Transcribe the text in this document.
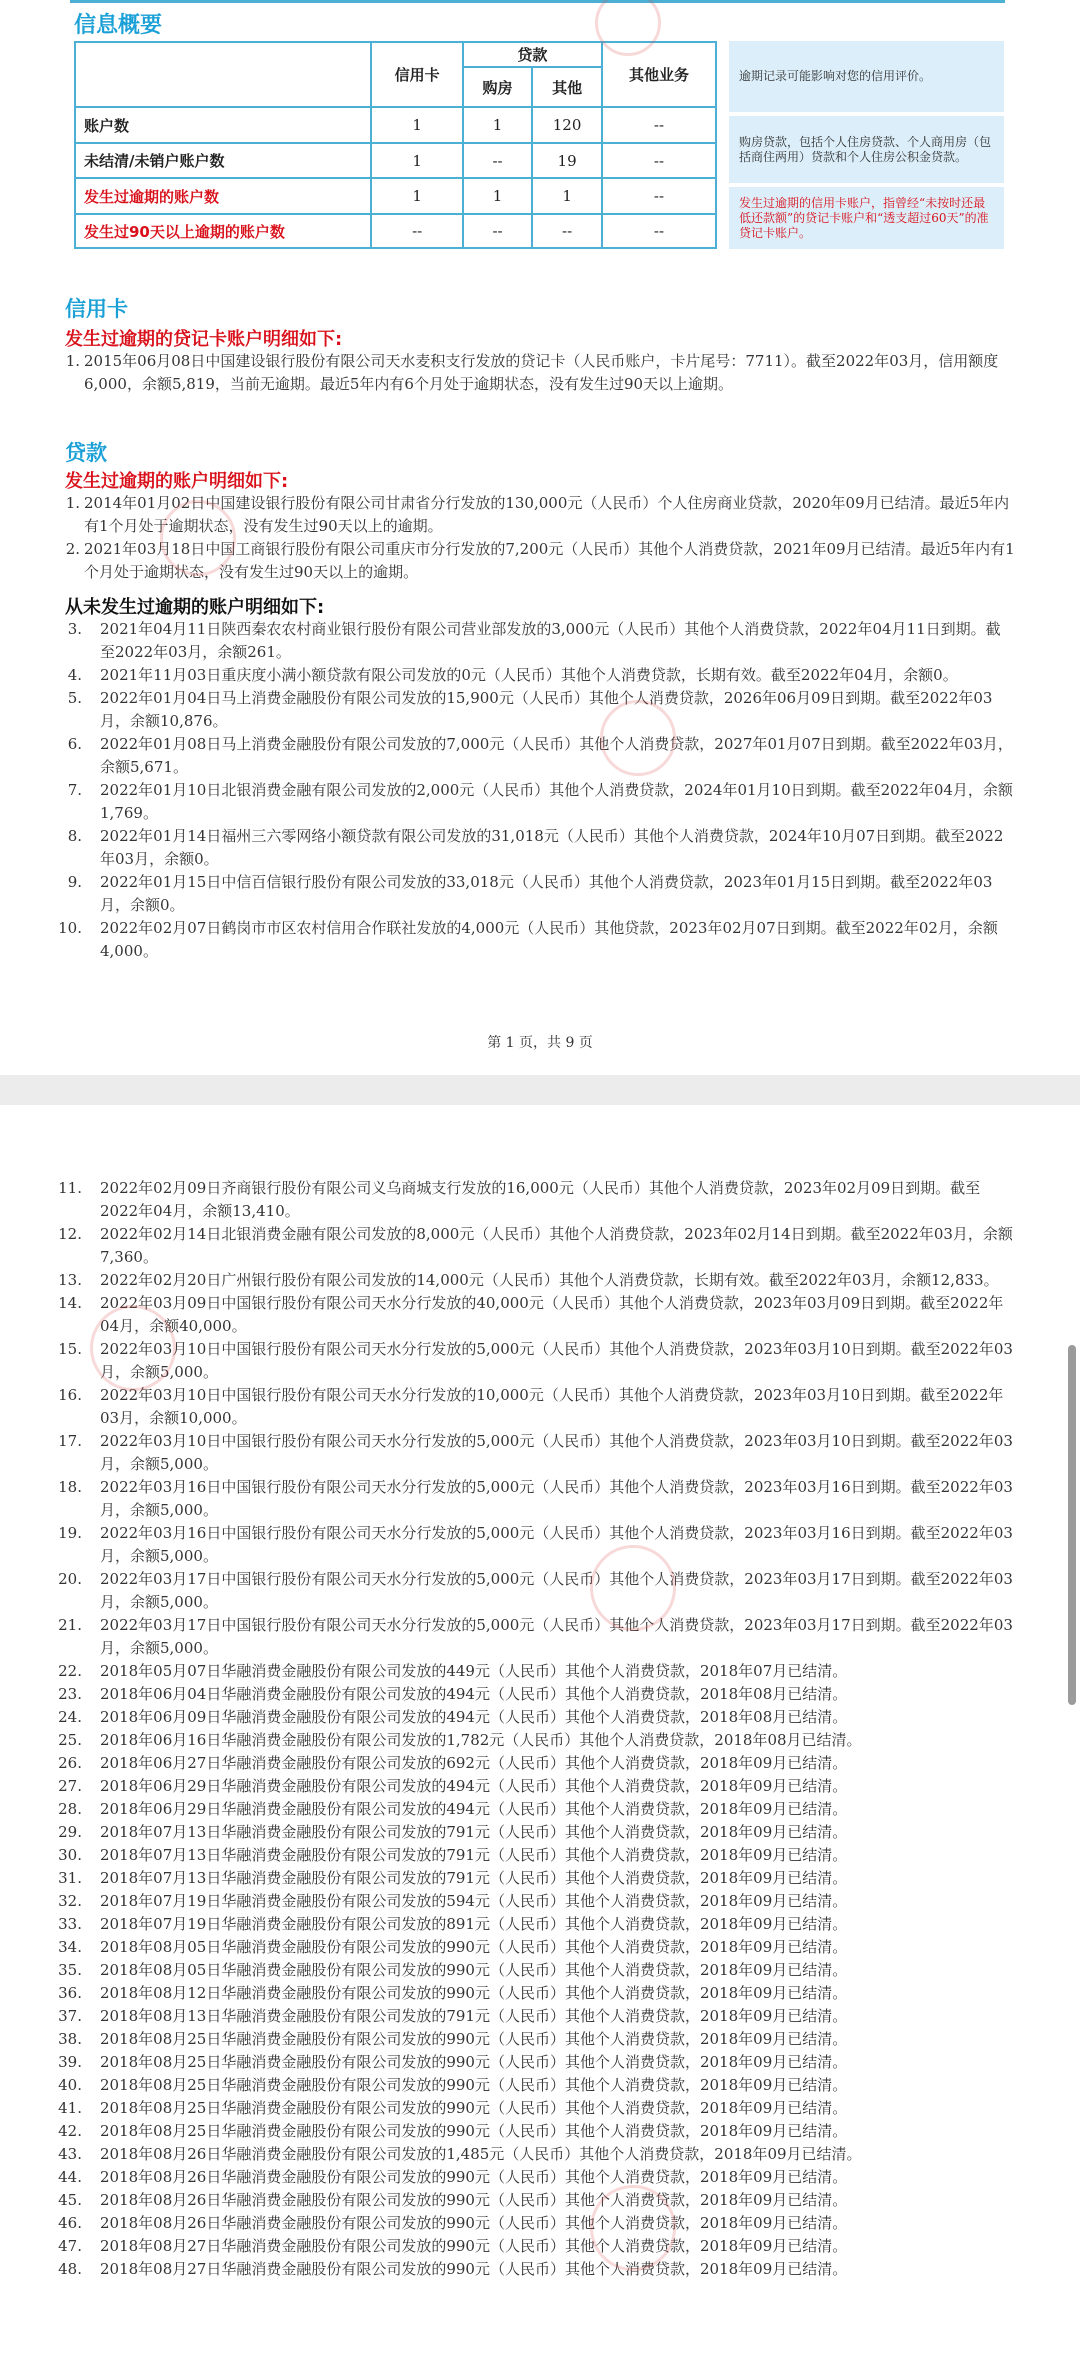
信息概要
	信用卡	贷款		其他业务
		购房	其他	
账户数	1	1	120	--
未结清/未销户账户数	1	--	19	--
发生过逾期的账户数	1	1	1	--
发生过90天以上逾期的账户数	--	--	--	--
逾期记录可能影响对您的信用评价。
购房贷款，包括个人住房贷款、个人商用房（包括商住两用）贷款和个人住房公积金贷款。
发生过逾期的信用卡账户，指曾经“未按时还最低还款额”的贷记卡账户和“透支超过60天”的准贷记卡账户。
信用卡
发生过逾期的贷记卡账户明细如下:
1. 2015年06月08日中国建设银行股份有限公司天水麦积支行发放的贷记卡（人民币账户，卡片尾号：7711）。截至2022年03月，信用额度6,000，余额5,819，当前无逾期。最近5年内有6个月处于逾期状态，没有发生过90天以上逾期。
贷款
发生过逾期的账户明细如下:
1. 2014年01月02日中国建设银行股份有限公司甘肃省分行发放的130,000元（人民币）个人住房商业贷款，2020年09月已结清。最近5年内有1个月处于逾期状态，没有发生过90天以上的逾期。
2. 2021年03月18日中国工商银行股份有限公司重庆市分行发放的7,200元（人民币）其他个人消费贷款，2021年09月已结清。最近5年内有1个月处于逾期状态，没有发生过90天以上的逾期。
从未发生过逾期的账户明细如下:
3. 2021年04月11日陕西秦农农村商业银行股份有限公司营业部发放的3,000元（人民币）其他个人消费贷款，2022年04月11日到期。截至2022年03月，余额261。
4. 2021年11月03日重庆度小满小额贷款有限公司发放的0元（人民币）其他个人消费贷款，长期有效。截至2022年04月，余额0。
5. 2022年01月04日马上消费金融股份有限公司发放的15,900元（人民币）其他个人消费贷款，2026年06月09日到期。截至2022年03月，余额10,876。
6. 2022年01月08日马上消费金融股份有限公司发放的7,000元（人民币）其他个人消费贷款，2027年01月07日到期。截至2022年03月，余额5,671。
7. 2022年01月10日北银消费金融有限公司发放的2,000元（人民币）其他个人消费贷款，2024年01月10日到期。截至2022年04月，余额1,769。
8. 2022年01月14日福州三六零网络小额贷款有限公司发放的31,018元（人民币）其他个人消费贷款，2024年10月07日到期。截至2022年03月，余额0。
9. 2022年01月15日中信百信银行股份有限公司发放的33,018元（人民币）其他个人消费贷款，2023年01月15日到期。截至2022年03月，余额0。
10. 2022年02月07日鹤岗市市区农村信用合作联社发放的4,000元（人民币）其他贷款，2023年02月07日到期。截至2022年02月，余额4,000。
第 1 页，共 9 页
11. 2022年02月09日齐商银行股份有限公司义乌商城支行发放的16,000元（人民币）其他个人消费贷款，2023年02月09日到期。截至2022年04月，余额13,410。
12. 2022年02月14日北银消费金融有限公司发放的8,000元（人民币）其他个人消费贷款，2023年02月14日到期。截至2022年03月，余额7,360。
13. 2022年02月20日广州银行股份有限公司发放的14,000元（人民币）其他个人消费贷款，长期有效。截至2022年03月，余额12,833。
14. 2022年03月09日中国银行股份有限公司天水分行发放的40,000元（人民币）其他个人消费贷款，2023年03月09日到期。截至2022年04月，余额40,000。
15. 2022年03月10日中国银行股份有限公司天水分行发放的5,000元（人民币）其他个人消费贷款，2023年03月10日到期。截至2022年03月，余额5,000。
16. 2022年03月10日中国银行股份有限公司天水分行发放的10,000元（人民币）其他个人消费贷款，2023年03月10日到期。截至2022年03月，余额10,000。
17. 2022年03月10日中国银行股份有限公司天水分行发放的5,000元（人民币）其他个人消费贷款，2023年03月10日到期。截至2022年03月，余额5,000。
18. 2022年03月16日中国银行股份有限公司天水分行发放的5,000元（人民币）其他个人消费贷款，2023年03月16日到期。截至2022年03月，余额5,000。
19. 2022年03月16日中国银行股份有限公司天水分行发放的5,000元（人民币）其他个人消费贷款，2023年03月16日到期。截至2022年03月，余额5,000。
20. 2022年03月17日中国银行股份有限公司天水分行发放的5,000元（人民币）其他个人消费贷款，2023年03月17日到期。截至2022年03月，余额5,000。
21. 2022年03月17日中国银行股份有限公司天水分行发放的5,000元（人民币）其他个人消费贷款，2023年03月17日到期。截至2022年03月，余额5,000。
22. 2018年05月07日华融消费金融股份有限公司发放的449元（人民币）其他个人消费贷款，2018年07月已结清。
23. 2018年06月04日华融消费金融股份有限公司发放的494元（人民币）其他个人消费贷款，2018年08月已结清。
24. 2018年06月09日华融消费金融股份有限公司发放的494元（人民币）其他个人消费贷款，2018年08月已结清。
25. 2018年06月16日华融消费金融股份有限公司发放的1,782元（人民币）其他个人消费贷款，2018年08月已结清。
26. 2018年06月27日华融消费金融股份有限公司发放的692元（人民币）其他个人消费贷款，2018年09月已结清。
27. 2018年06月29日华融消费金融股份有限公司发放的494元（人民币）其他个人消费贷款，2018年09月已结清。
28. 2018年06月29日华融消费金融股份有限公司发放的494元（人民币）其他个人消费贷款，2018年09月已结清。
29. 2018年07月13日华融消费金融股份有限公司发放的791元（人民币）其他个人消费贷款，2018年09月已结清。
30. 2018年07月13日华融消费金融股份有限公司发放的791元（人民币）其他个人消费贷款，2018年09月已结清。
31. 2018年07月13日华融消费金融股份有限公司发放的791元（人民币）其他个人消费贷款，2018年09月已结清。
32. 2018年07月19日华融消费金融股份有限公司发放的594元（人民币）其他个人消费贷款，2018年09月已结清。
33. 2018年07月19日华融消费金融股份有限公司发放的891元（人民币）其他个人消费贷款，2018年09月已结清。
34. 2018年08月05日华融消费金融股份有限公司发放的990元（人民币）其他个人消费贷款，2018年09月已结清。
35. 2018年08月05日华融消费金融股份有限公司发放的990元（人民币）其他个人消费贷款，2018年09月已结清。
36. 2018年08月12日华融消费金融股份有限公司发放的990元（人民币）其他个人消费贷款，2018年09月已结清。
37. 2018年08月13日华融消费金融股份有限公司发放的791元（人民币）其他个人消费贷款，2018年09月已结清。
38. 2018年08月25日华融消费金融股份有限公司发放的990元（人民币）其他个人消费贷款，2018年09月已结清。
39. 2018年08月25日华融消费金融股份有限公司发放的990元（人民币）其他个人消费贷款，2018年09月已结清。
40. 2018年08月25日华融消费金融股份有限公司发放的990元（人民币）其他个人消费贷款，2018年09月已结清。
41. 2018年08月25日华融消费金融股份有限公司发放的990元（人民币）其他个人消费贷款，2018年09月已结清。
42. 2018年08月25日华融消费金融股份有限公司发放的990元（人民币）其他个人消费贷款，2018年09月已结清。
43. 2018年08月26日华融消费金融股份有限公司发放的1,485元（人民币）其他个人消费贷款，2018年09月已结清。
44. 2018年08月26日华融消费金融股份有限公司发放的990元（人民币）其他个人消费贷款，2018年09月已结清。
45. 2018年08月26日华融消费金融股份有限公司发放的990元（人民币）其他个人消费贷款，2018年09月已结清。
46. 2018年08月26日华融消费金融股份有限公司发放的990元（人民币）其他个人消费贷款，2018年09月已结清。
47. 2018年08月27日华融消费金融股份有限公司发放的990元（人民币）其他个人消费贷款，2018年09月已结清。
48. 2018年08月27日华融消费金融股份有限公司发放的990元（人民币）其他个人消费贷款，2018年09月已结清。
